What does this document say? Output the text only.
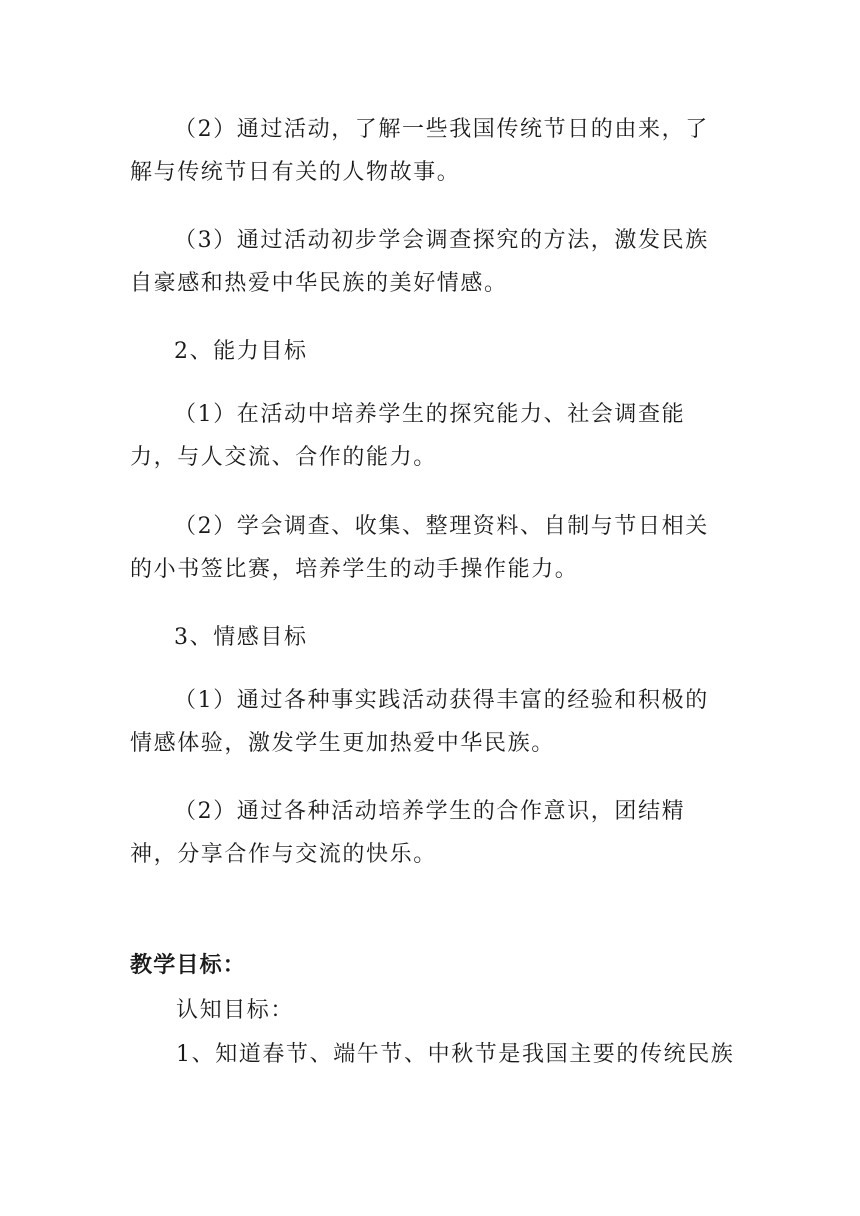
（2）通过活动，了解一些我国传统节日的由来，了解与传统节日有关的人物故事。

（3）通过活动初步学会调查探究的方法，激发民族自豪感和热爱中华民族的美好情感。

2、能力目标

（1）在活动中培养学生的探究能力、社会调查能力，与人交流、合作的能力。

（2）学会调查、收集、整理资料、自制与节日相关的小书签比赛，培养学生的动手操作能力。

3、情感目标

（1）通过各种事实践活动获得丰富的经验和积极的情感体验，激发学生更加热爱中华民族。

（2）通过各种活动培养学生的合作意识，团结精神，分享合作与交流的快乐。

教学目标：

认知目标：

1、知道春节、端午节、中秋节是我国主要的传统民族
